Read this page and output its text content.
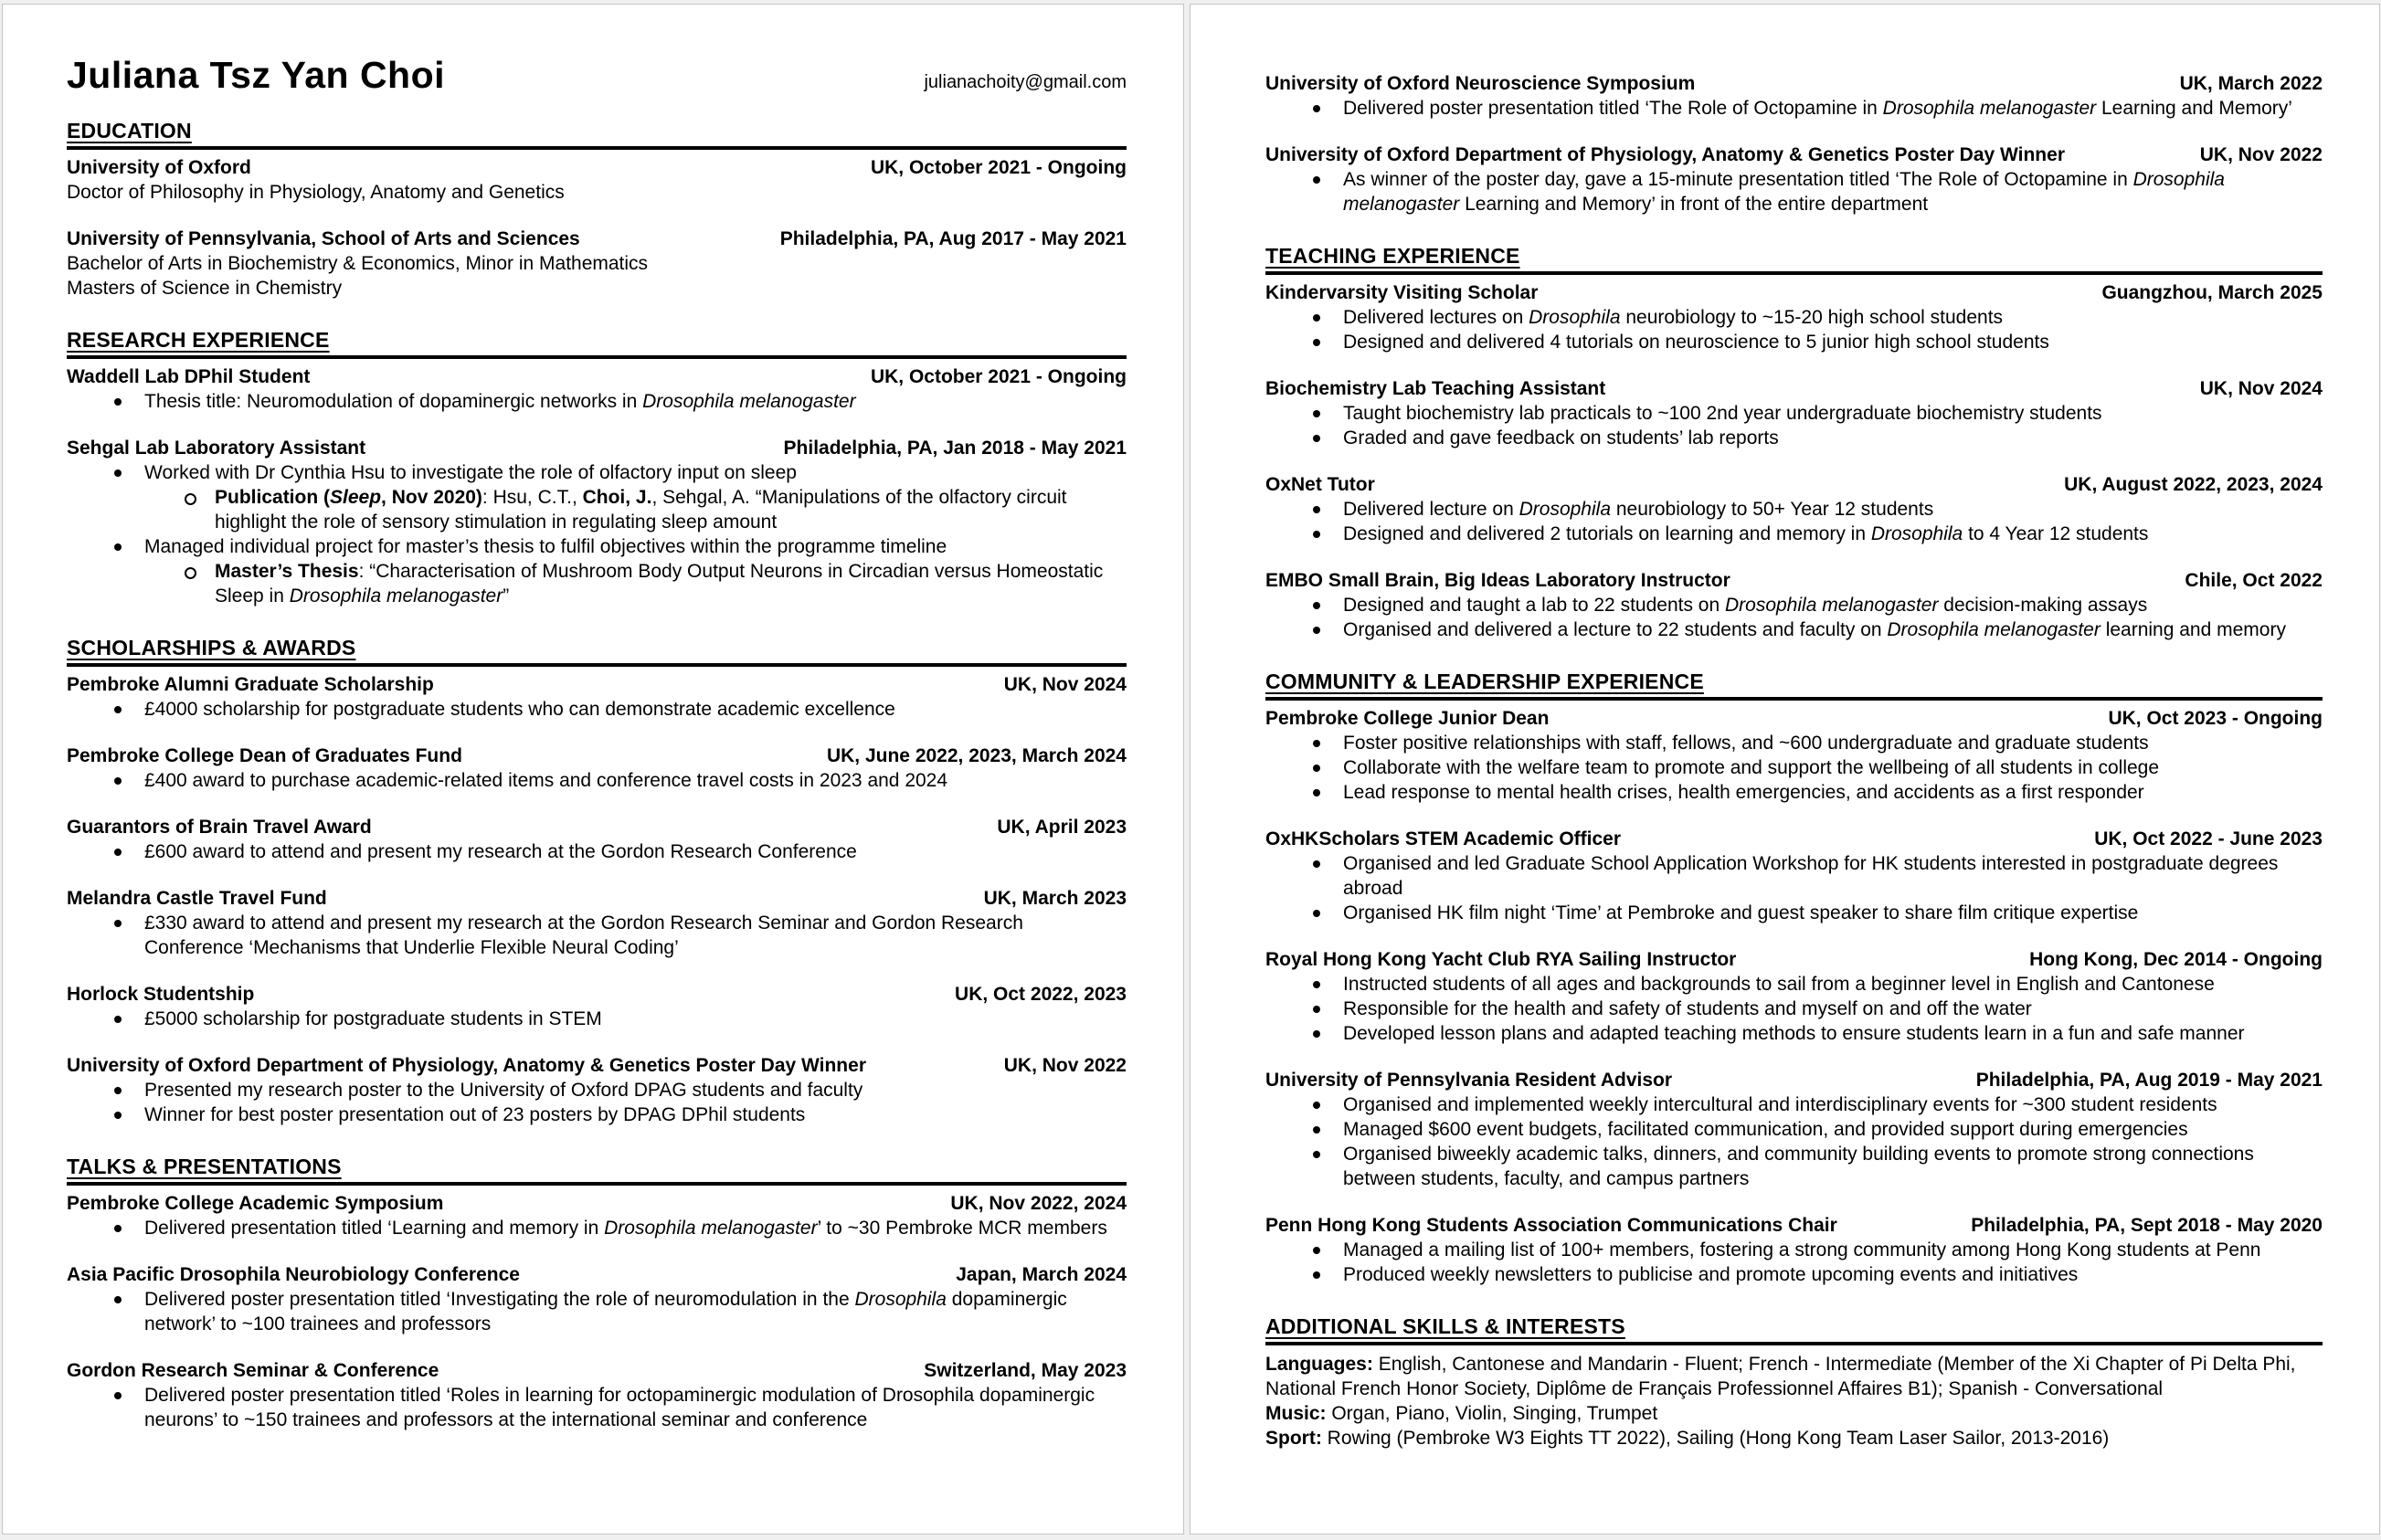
Juliana Tsz Yan Choi	julianachoity@gmail.com
EDUCATION
University of Oxford	UK, October 2021 - Ongoing
Doctor of Philosophy in Physiology, Anatomy and Genetics
University of Pennsylvania, School of Arts and Sciences	Philadelphia, PA, Aug 2017 - May 2021
Bachelor of Arts in Biochemistry & Economics, Minor in Mathematics
Masters of Science in Chemistry
RESEARCH EXPERIENCE
Waddell Lab DPhil Student	UK, October 2021 - Ongoing
Thesis title: Neuromodulation of dopaminergic networks in Drosophila melanogaster
Sehgal Lab Laboratory Assistant	Philadelphia, PA, Jan 2018 - May 2021
Worked with Dr Cynthia Hsu to investigate the role of olfactory input on sleep
Publication (Sleep, Nov 2020): Hsu, C.T., Choi, J., Sehgal, A. “Manipulations of the olfactory circuit highlight the role of sensory stimulation in regulating sleep amount
Managed individual project for master’s thesis to fulfil objectives within the programme timeline
Master’s Thesis: “Characterisation of Mushroom Body Output Neurons in Circadian versus Homeostatic Sleep in Drosophila melanogaster”
SCHOLARSHIPS & AWARDS
Pembroke Alumni Graduate Scholarship	UK, Nov 2024
£4000 scholarship for postgraduate students who can demonstrate academic excellence
Pembroke College Dean of Graduates Fund	UK, June 2022, 2023, March 2024
£400 award to purchase academic-related items and conference travel costs in 2023 and 2024
Guarantors of Brain Travel Award	UK, April 2023
£600 award to attend and present my research at the Gordon Research Conference
Melandra Castle Travel Fund	UK, March 2023
£330 award to attend and present my research at the Gordon Research Seminar and Gordon Research Conference ‘Mechanisms that Underlie Flexible Neural Coding’
Horlock Studentship	UK, Oct 2022, 2023
£5000 scholarship for postgraduate students in STEM
University of Oxford Department of Physiology, Anatomy & Genetics Poster Day Winner	UK, Nov 2022
Presented my research poster to the University of Oxford DPAG students and faculty
Winner for best poster presentation out of 23 posters by DPAG DPhil students
TALKS & PRESENTATIONS
Pembroke College Academic Symposium	UK, Nov 2022, 2024
Delivered presentation titled ‘Learning and memory in Drosophila melanogaster’ to ~30 Pembroke MCR members
Asia Pacific Drosophila Neurobiology Conference	Japan, March 2024
Delivered poster presentation titled ‘Investigating the role of neuromodulation in the Drosophila dopaminergic network’ to ~100 trainees and professors
Gordon Research Seminar & Conference	Switzerland, May 2023
Delivered poster presentation titled ‘Roles in learning for octopaminergic modulation of Drosophila dopaminergic neurons’ to ~150 trainees and professors at the international seminar and conference
University of Oxford Neuroscience Symposium	UK, March 2022
Delivered poster presentation titled ‘The Role of Octopamine in Drosophila melanogaster Learning and Memory’
University of Oxford Department of Physiology, Anatomy & Genetics Poster Day Winner	UK, Nov 2022
As winner of the poster day, gave a 15-minute presentation titled ‘The Role of Octopamine in Drosophila melanogaster Learning and Memory’ in front of the entire department
TEACHING EXPERIENCE
Kindervarsity Visiting Scholar	Guangzhou, March 2025
Delivered lectures on Drosophila neurobiology to ~15-20 high school students
Designed and delivered 4 tutorials on neuroscience to 5 junior high school students
Biochemistry Lab Teaching Assistant	UK, Nov 2024
Taught biochemistry lab practicals to ~100 2nd year undergraduate biochemistry students
Graded and gave feedback on students’ lab reports
OxNet Tutor	UK, August 2022, 2023, 2024
Delivered lecture on Drosophila neurobiology to 50+ Year 12 students
Designed and delivered 2 tutorials on learning and memory in Drosophila to 4 Year 12 students
EMBO Small Brain, Big Ideas Laboratory Instructor	Chile, Oct 2022
Designed and taught a lab to 22 students on Drosophila melanogaster decision-making assays
Organised and delivered a lecture to 22 students and faculty on Drosophila melanogaster learning and memory
COMMUNITY & LEADERSHIP EXPERIENCE
Pembroke College Junior Dean	UK, Oct 2023 - Ongoing
Foster positive relationships with staff, fellows, and ~600 undergraduate and graduate students
Collaborate with the welfare team to promote and support the wellbeing of all students in college
Lead response to mental health crises, health emergencies, and accidents as a first responder
OxHKScholars STEM Academic Officer	UK, Oct 2022 - June 2023
Organised and led Graduate School Application Workshop for HK students interested in postgraduate degrees abroad
Organised HK film night ‘Time’ at Pembroke and guest speaker to share film critique expertise
Royal Hong Kong Yacht Club RYA Sailing Instructor	Hong Kong, Dec 2014 - Ongoing
Instructed students of all ages and backgrounds to sail from a beginner level in English and Cantonese
Responsible for the health and safety of students and myself on and off the water
Developed lesson plans and adapted teaching methods to ensure students learn in a fun and safe manner
University of Pennsylvania Resident Advisor	Philadelphia, PA, Aug 2019 - May 2021
Organised and implemented weekly intercultural and interdisciplinary events for ~300 student residents
Managed $600 event budgets, facilitated communication, and provided support during emergencies
Organised biweekly academic talks, dinners, and community building events to promote strong connections between students, faculty, and campus partners
Penn Hong Kong Students Association Communications Chair	Philadelphia, PA, Sept 2018 - May 2020
Managed a mailing list of 100+ members, fostering a strong community among Hong Kong students at Penn
Produced weekly newsletters to publicise and promote upcoming events and initiatives
ADDITIONAL SKILLS & INTERESTS
Languages: English, Cantonese and Mandarin - Fluent; French - Intermediate (Member of the Xi Chapter of Pi Delta Phi, National French Honor Society, Diplôme de Français Professionnel Affaires B1); Spanish - Conversational
Music: Organ, Piano, Violin, Singing, Trumpet
Sport: Rowing (Pembroke W3 Eights TT 2022), Sailing (Hong Kong Team Laser Sailor, 2013-2016)
